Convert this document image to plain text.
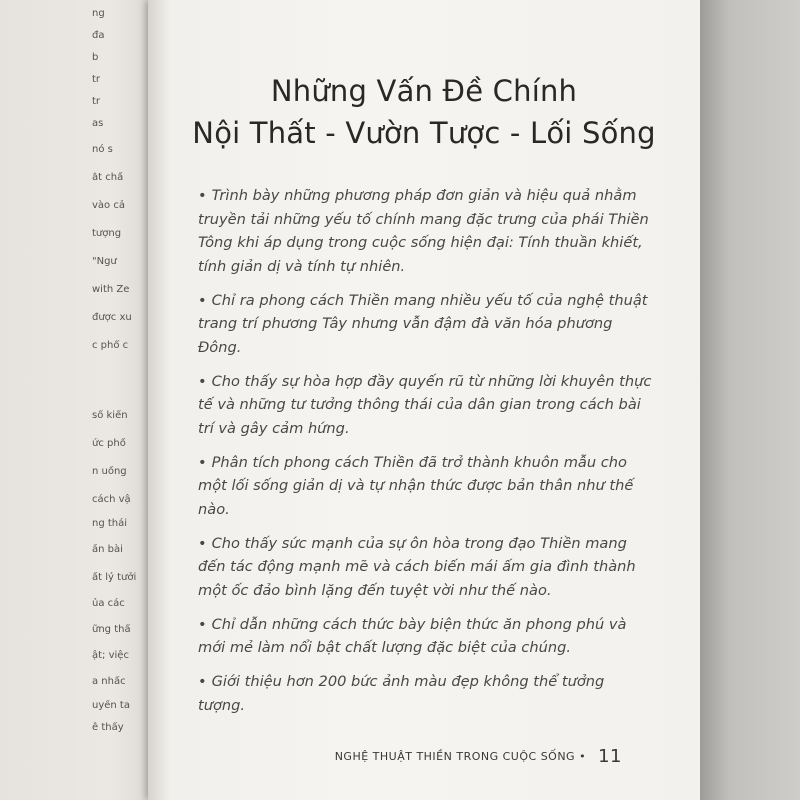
ng
đa
b
tr
tr
as
nó s
ắt chấ
vào cả
tượng
"Ngư
with Ze
được xu
c phổ c
số kiến
ức phố
n uống
cách vậ
ng thái
ần bài
ất lý tưởi
ủa các
ững thấ
ật; việc
a nhấc
uyền ta
ễ thấy
Những Vấn Đề Chính
Nội Thất - Vườn Tược - Lối Sống
• Trình bày những phương pháp đơn giản và hiệu quả nhằm truyền tải những yếu tố chính mang đặc trưng của phái Thiền Tông khi áp dụng trong cuộc sống hiện đại: Tính thuần khiết, tính giản dị và tính tự nhiên.
• Chỉ ra phong cách Thiền mang nhiều yếu tố của nghệ thuật trang trí phương Tây nhưng vẫn đậm đà văn hóa phương Đông.
• Cho thấy sự hòa hợp đầy quyến rũ từ những lời khuyên thực tế và những tư tưởng thông thái của dân gian trong cách bài trí và gây cảm hứng.
• Phân tích phong cách Thiền đã trở thành khuôn mẫu cho một lối sống giản dị và tự nhận thức được bản thân như thế nào.
• Cho thấy sức mạnh của sự ôn hòa trong đạo Thiền mang đến tác động mạnh mẽ và cách biến mái ấm gia đình thành một ốc đảo bình lặng đến tuyệt vời như thế nào.
• Chỉ dẫn những cách thức bày biện thức ăn phong phú và mới mẻ làm nổi bật chất lượng đặc biệt của chúng.
• Giới thiệu hơn 200 bức ảnh màu đẹp không thể tưởng tượng.
NGHỆ THUẬT THIỀN TRONG CUỘC SỐNG • 11
